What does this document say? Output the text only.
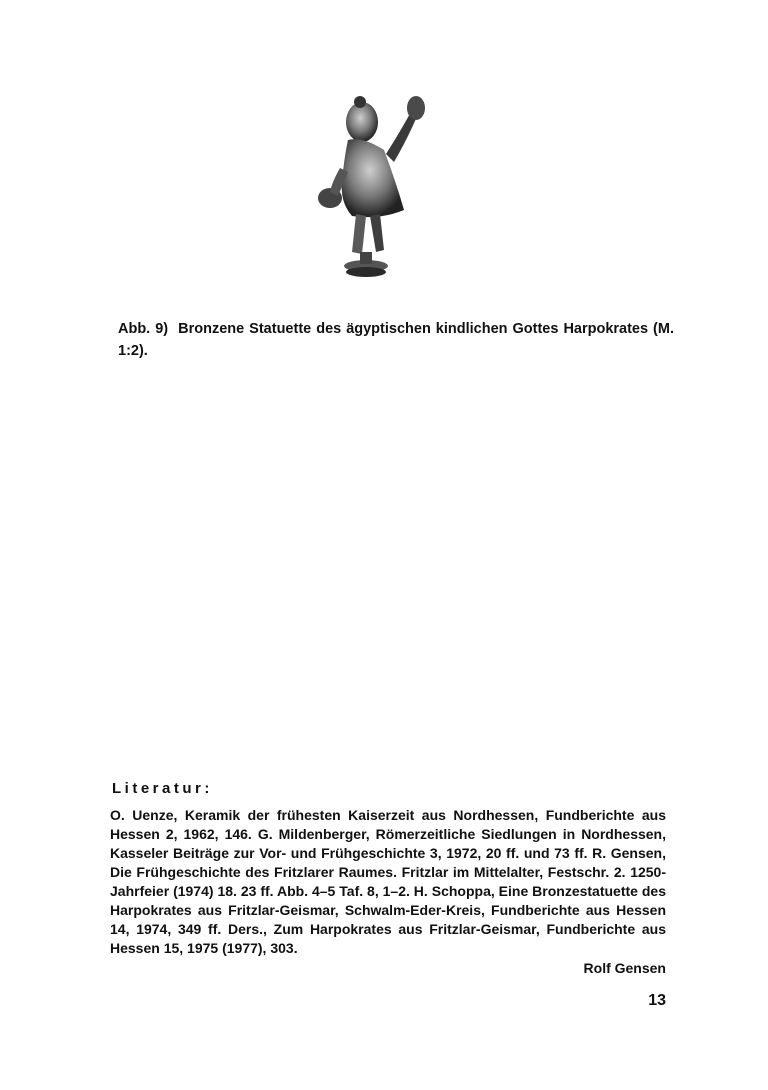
Abb. 9) Bronzene Statuette des ägyptischen kindlichen Gottes Harpokrates (M. 1:2).
Literatur:

O. Uenze, Keramik der frühesten Kaiserzeit aus Nordhessen, Fundberichte aus Hessen 2, 1962, 146. G. Mildenberger, Römerzeitliche Siedlungen in Nordhessen, Kasseler Beiträge zur Vor- und Frühgeschichte 3, 1972, 20 ff. und 73 ff. R. Gensen, Die Frühgeschichte des Fritzlarer Raumes. Fritzlar im Mittelalter, Festschr. 2. 1250-Jahrfeier (1974) 18. 23 ff. Abb. 4–5 Taf. 8, 1–2. H. Schoppa, Eine Bronzestatuette des Harpokrates aus Fritzlar-Geismar, Schwalm-Eder-Kreis, Fundberichte aus Hessen 14, 1974, 349 ff. Ders., Zum Harpokrates aus Fritzlar-Geismar, Fundberichte aus Hessen 15, 1975 (1977), 303.

Rolf Gensen
13
